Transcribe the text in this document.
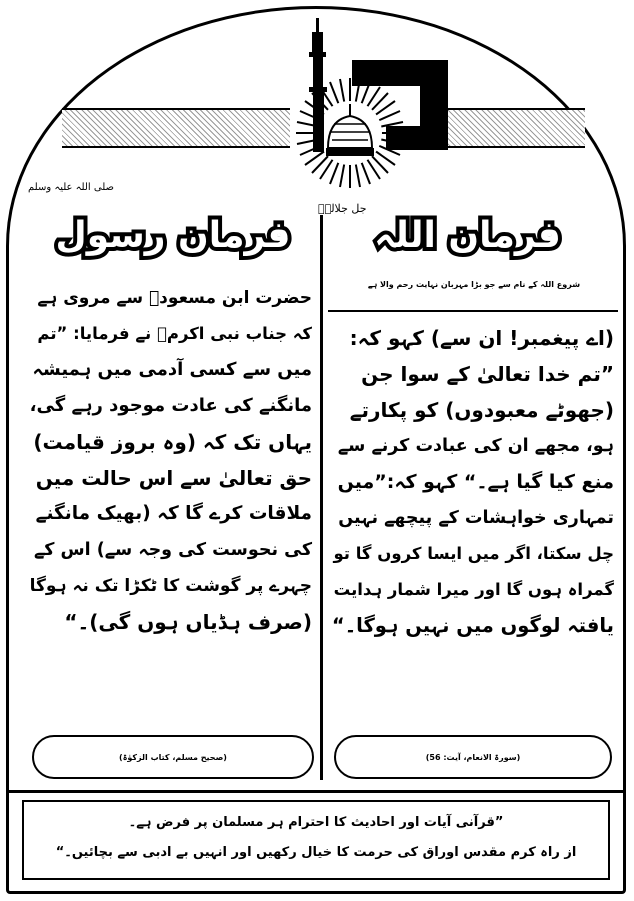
جل جلالہٗ
صلی اللہ علیہ وسلم
فرمان اللہ
فرمان رسول
شروع اللہ کے نام سے جو بڑا مہربان نہایت رحم والا ہے
(اے پیغمبر! ان سے) کہو کہ:
”تم خدا تعالیٰ کے سوا جن
(جھوٹے معبودوں) کو پکارتے
ہو، مجھے ان کی عبادت کرنے سے
منع کیا گیا ہے۔“ کہو کہ:”میں
تمہاری خواہشات کے پیچھے نہیں
چل سکتا، اگر میں ایسا کروں گا تو
گمراہ ہوں گا اور میرا شمار ہدایت
یافتہ لوگوں میں نہیں ہوگا۔“
(سورۃ الانعام، آیت: 56)
حضرت ابن مسعودؓ سے مروی ہے
کہ جناب نبی اکرمؐ نے فرمایا: ”تم
میں سے کسی آدمی میں ہمیشہ
مانگنے کی عادت موجود رہے گی،
یہاں تک کہ (وہ بروز قیامت)
حق تعالیٰ سے اس حالت میں
ملاقات کرے گا کہ (بھیک مانگنے
کی نحوست کی وجہ سے) اس کے
چہرے پر گوشت کا ٹکڑا تک نہ ہوگا
(صرف ہڈیاں ہوں گی)۔“
(صحیح مسلم، کتاب الزکوٰۃ)
”قرآنی آیات اور احادیث کا احترام ہر مسلمان پر فرض ہے۔
از راہ کرم مقدس اوراق کی حرمت کا خیال رکھیں اور انہیں بے ادبی سے بچائیں۔“
